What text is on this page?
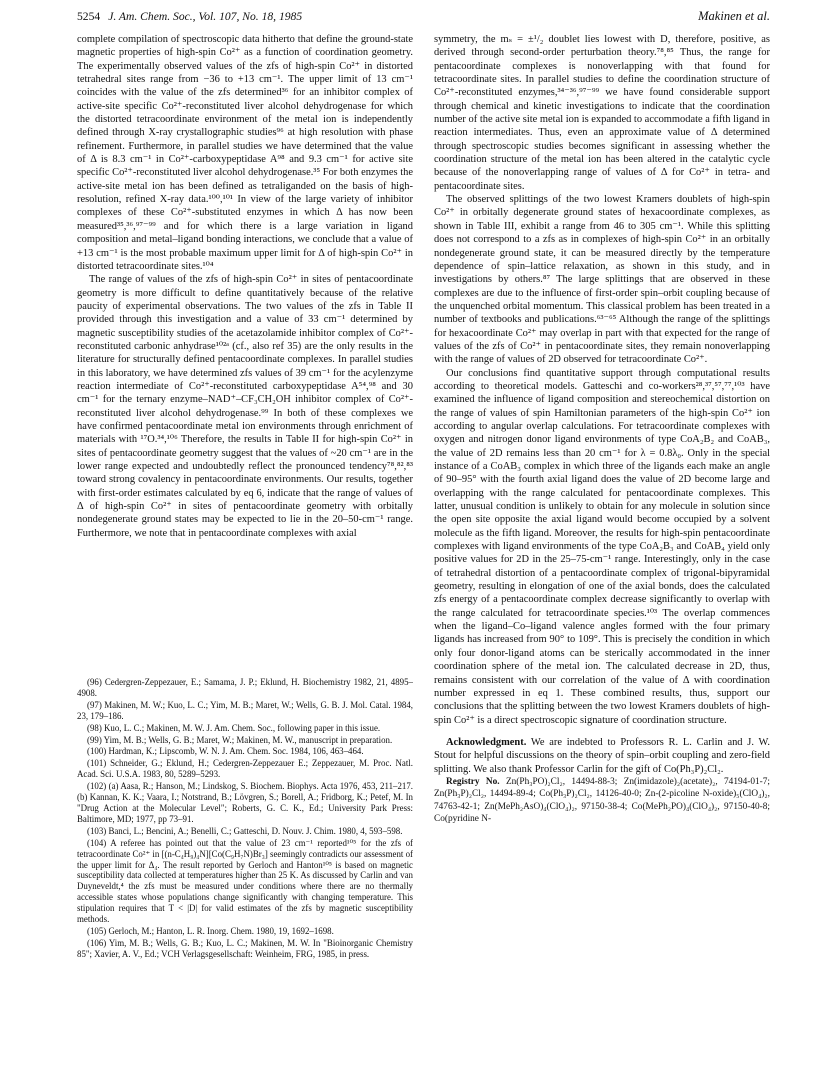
5254 J. Am. Chem. Soc., Vol. 107, No. 18, 1985	Makinen et al.

complete compilation of spectroscopic data hitherto that define the ground-state magnetic properties of high-spin Co²⁺ as a function of coordination geometry. The experimentally observed values of the zfs of high-spin Co²⁺ in distorted tetrahedral sites range from −36 to +13 cm⁻¹. The upper limit of 13 cm⁻¹ coincides with the value of the zfs determined³⁶ for an inhibitor complex of active-site specific Co²⁺-reconstituted liver alcohol dehydrogenase for which the distorted tetracoordinate environment of the metal ion is independently defined through X-ray crystallographic studies⁹⁶ at high resolution with phase refinement. Furthermore, in parallel studies we have determined that the value of Δ is 8.3 cm⁻¹ in Co²⁺-carboxypeptidase A⁹⁸ and 9.3 cm⁻¹ for active site specific Co²⁺-reconstituted liver alcohol dehydrogenase.³⁵ For both enzymes the active-site metal ion has been defined as tetraliganded on the basis of high-resolution, refined X-ray data.¹⁰⁰,¹⁰¹ In view of the large variety of inhibitor complexes of these Co²⁺-substituted enzymes in which Δ has now been measured³⁵,³⁶,⁹⁷⁻⁹⁹ and for which there is a large variation in ligand composition and metal–ligand bonding interactions, we conclude that a value of +13 cm⁻¹ is the most probable maximum upper limit for Δ of high-spin Co²⁺ in distorted tetracoordinate sites.¹⁰⁴

The range of values of the zfs of high-spin Co²⁺ in sites of pentacoordinate geometry is more difficult to define quantitatively because of the relative paucity of experimental observations. The two values of the zfs in Table II provided through this investigation and a value of 33 cm⁻¹ determined by magnetic susceptibility studies of the acetazolamide inhibitor complex of Co²⁺-reconstituted carbonic anhydrase¹⁰²ᵃ (cf., also ref 35) are the only results in the literature for structurally defined pentacoordinate complexes. In parallel studies in this laboratory, we have determined zfs values of 39 cm⁻¹ for the acylenzyme reaction intermediate of Co²⁺-reconstituted carboxypeptidase A⁵⁴,⁹⁸ and 30 cm⁻¹ for the ternary enzyme–NAD⁺–CF₃CH₂OH inhibitor complex of Co²⁺-reconstituted liver alcohol dehydrogenase.⁹⁹ In both of these complexes we have confirmed pentacoordinate metal ion environments through enrichment of materials with ¹⁷O.³⁴,¹⁰⁶ Therefore, the results in Table II for high-spin Co²⁺ in sites of pentacoordinate geometry suggest that the values of ~20 cm⁻¹ are in the lower range expected and undoubtedly reflect the pronounced tendency⁷⁸,⁸²,⁸³ toward strong covalency in pentacoordinate environments. Our results, together with first-order estimates calculated by eq 6, indicate that the range of values of Δ of high-spin Co²⁺ in sites of pentacoordinate geometry with orbitally nondegenerate ground states may be expected to lie in the 20–50-cm⁻¹ range. Furthermore, we note that in pentacoordinate complexes with axial

(96) Cedergren-Zeppezauer, E.; Samama, J. P.; Eklund, H. Biochemistry 1982, 21, 4895–4908.

(97) Makinen, M. W.; Kuo, L. C.; Yim, M. B.; Maret, W.; Wells, G. B. J. Mol. Catal. 1984, 23, 179–186.

(98) Kuo, L. C.; Makinen, M. W. J. Am. Chem. Soc., following paper in this issue.

(99) Yim, M. B.; Wells, G. B.; Maret, W.; Makinen, M. W., manuscript in preparation.

(100) Hardman, K.; Lipscomb, W. N. J. Am. Chem. Soc. 1984, 106, 463–464.

(101) Schneider, G.; Eklund, H.; Cedergren-Zeppezauer E.; Zeppezauer, M. Proc. Natl. Acad. Sci. U.S.A. 1983, 80, 5289–5293.

(102) (a) Aasa, R.; Hanson, M.; Lindskog, S. Biochem. Biophys. Acta 1976, 453, 211–217. (b) Kannan, K. K.; Vaara, I.; Notstrand, B.; Lövgren, S.; Borell, A.; Fridborg, K.; Petef, M. In "Drug Action at the Molecular Level"; Roberts, G. C. K., Ed.; University Park Press: Baltimore, MD; 1977, pp 73–91.

(103) Banci, L.; Bencini, A.; Benelli, C.; Gatteschi, D. Nouv. J. Chim. 1980, 4, 593–598.

(104) A referee has pointed out that the value of 23 cm⁻¹ reported¹⁰⁵ for the zfs of tetracoordinate Co²⁺ in [(n-C₄H₉)₄N][Co(C₉H₇N)Br₃] seemingly contradicts our assessment of the upper limit for Δ₄. The result reported by Gerloch and Hanton¹⁰⁵ is based on magnetic susceptibility data collected at temperatures higher than 25 K. As discussed by Carlin and van Duyneveldt,⁴ the zfs must be measured under conditions where there are no thermally accessible states whose populations change significantly with changing temperature. This stipulation requires that T < |D| for valid estimates of the zfs by magnetic susceptibility methods.

(105) Gerloch, M.; Hanton, L. R. Inorg. Chem. 1980, 19, 1692–1698.

(106) Yim, M. B.; Wells, G. B.; Kuo, L. C.; Makinen, M. W. In "Bioinorganic Chemistry 85"; Xavier, A. V., Ed.; VCH Verlagsgesellschaft: Weinheim, FRG, 1985, in press.

symmetry, the mₛ = ±¹/₂ doublet lies lowest with D, therefore, positive, as derived through second-order perturbation theory.⁷⁸,⁸⁵ Thus, the range for pentacoordinate complexes is nonoverlapping with that found for tetracoordinate sites. In parallel studies to define the coordination structure of Co²⁺-reconstituted enzymes,³⁴⁻³⁶,⁹⁷⁻⁹⁹ we have found considerable support through chemical and kinetic investigations to indicate that the coordination number of the active site metal ion is expanded to accommodate a fifth ligand in reaction intermediates. Thus, even an approximate value of Δ determined through spectroscopic studies becomes significant in assessing whether the coordination structure of the metal ion has been altered in the catalytic cycle because of the nonoverlapping range of values of Δ for Co²⁺ in tetra- and pentacoordinate sites.

The observed splittings of the two lowest Kramers doublets of high-spin Co²⁺ in orbitally degenerate ground states of hexacoordinate complexes, as shown in Table III, exhibit a range from 46 to 305 cm⁻¹. While this splitting does not correspond to a zfs as in complexes of high-spin Co²⁺ in an orbitally nondegenerate ground state, it can be measured directly by the temperature dependence of spin–lattice relaxation, as shown in this study, and in investigations by others.⁸⁷ The large splittings that are observed in these complexes are due to the influence of first-order spin–orbit coupling because of the unquenched orbital momentum. This classical problem has been treated in a number of textbooks and publications.⁶³⁻⁶⁵ Although the range of the splittings for hexacoordinate Co²⁺ may overlap in part with that expected for the range of values of the zfs of Co²⁺ in pentacoordinate sites, they remain nonoverlapping with the range of values of 2D observed for tetracoordinate Co²⁺.

Our conclusions find quantitative support through computational results according to theoretical models. Gatteschi and co-workers²⁸,³⁷,⁵⁷,⁷⁷,¹⁰³ have examined the influence of ligand composition and stereochemical distortion on the range of values of spin Hamiltonian parameters of the high-spin Co²⁺ ion according to angular overlap calculations. For tetracoordinate complexes with oxygen and nitrogen donor ligand environments of type CoA₂B₂ and CoAB₃, the value of 2D remains less than 20 cm⁻¹ for λ = 0.8λ₀. Only in the special instance of a CoAB₃ complex in which three of the ligands each make an angle of 90–95° with the fourth axial ligand does the value of 2D become large and overlapping with the range calculated for pentacoordinate complexes. This latter, unusual condition is unlikely to obtain for any molecule in solution since the open site opposite the axial ligand would become occupied by a solvent molecule as the fifth ligand. Moreover, the results for high-spin pentacoordinate complexes with ligand environments of the type CoA₂B₃ and CoAB₄ yield only positive values for 2D in the 25–75-cm⁻¹ range. Interestingly, only in the case of tetrahedral distortion of a pentacoordinate complex of trigonal-bipyramidal geometry, resulting in elongation of one of the axial bonds, does the calculated zfs energy of a pentacoordinate complex decrease significantly to overlap with the range calculated for tetracoordinate species.¹⁰³ The overlap commences when the ligand–Co–ligand valence angles formed with the four primary ligands has increased from 90° to 109°. This is precisely the condition in which only four donor-ligand atoms can be sterically accommodated in the inner coordination sphere of the metal ion. The calculated decrease in 2D, thus, remains consistent with our correlation of the value of Δ with coordination number expressed in eq 1. These combined results, thus, support our conclusions that the splitting between the two lowest Kramers doublets of high-spin Co²⁺ is a direct spectroscopic signature of coordination structure.

Acknowledgment. We are indebted to Professors R. L. Carlin and J. W. Stout for helpful discussions on the theory of spin–orbit coupling and zero-field splitting. We also thank Professor Carlin for the gift of Co(Ph₃P)₂Cl₂.

Registry No. Zn(Ph₃PO)₂Cl₂, 14494-88-3; Zn(imidazole)₂(acetate)₂, 74194-01-7; Zn(Ph₃P)₂Cl₂, 14494-89-4; Co(Ph₃P)₂Cl₂, 14126-40-0; Zn-(2-picoline N-oxide)₅(ClO₄)₂, 74763-42-1; Zn(MePh₂AsO)₄(ClO₄)₂, 97150-38-4; Co(MePh₂PO)₄(ClO₄)₂, 97150-40-8; Co(pyridine N-
